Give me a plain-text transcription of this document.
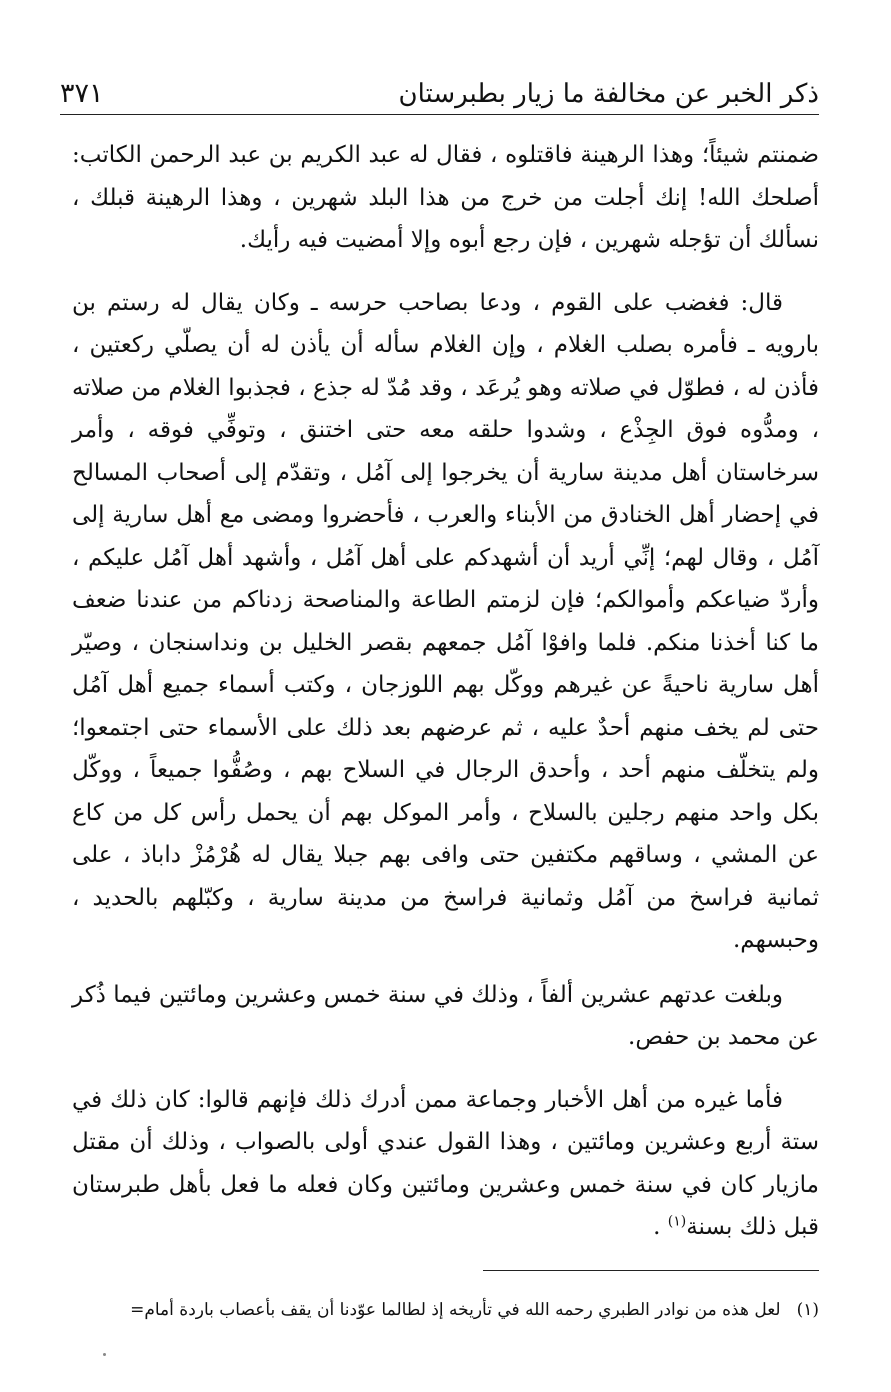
ذكر الخبر عن مخالفة ما زيار بطبرستان
٣٧١

ضمنتم شيئاً؛ وهذا الرهينة فاقتلوه ، فقال له عبد الكريم بن عبد الرحمن الكاتب: أصلحك الله! إنك أجلت من خرج من هذا البلد شهرين ، وهذا الرهينة قبلك ، نسألك أن تؤجله شهرين ، فإن رجع أبوه وإلا أمضيت فيه رأيك.

قال: فغضب على القوم ، ودعا بصاحب حرسه ـ وكان يقال له رستم بن بارويه ـ فأمره بصلب الغلام ، وإن الغلام سأله أن يأذن له أن يصلّي ركعتين ، فأذن له ، فطوّل في صلاته وهو يُرعَد ، وقد مُدّ له جذع ، فجذبوا الغلام من صلاته ، ومدُّوه فوق الجِذْع ، وشدوا حلقه معه حتى اختنق ، وتوفِّي فوقه ، وأمر سرخاستان أهل مدينة سارية أن يخرجوا إلى آمُل ، وتقدّم إلى أصحاب المسالح في إحضار أهل الخنادق من الأبناء والعرب ، فأحضروا ومضى مع أهل سارية إلى آمُل ، وقال لهم؛ إنِّي أريد أن أشهدكم على أهل آمُل ، وأشهد أهل آمُل عليكم ، وأردّ ضياعكم وأموالكم؛ فإن لزمتم الطاعة والمناصحة زدناكم من عندنا ضعف ما كنا أخذنا منكم. فلما وافوْا آمُل جمعهم بقصر الخليل بن ونداسنجان ، وصيّر أهل سارية ناحيةً عن غيرهم ووكّل بهم اللوزجان ، وكتب أسماء جميع أهل آمُل حتى لم يخف منهم أحدٌ عليه ، ثم عرضهم بعد ذلك على الأسماء حتى اجتمعوا؛ ولم يتخلّف منهم أحد ، وأحدق الرجال في السلاح بهم ، وصُفُّوا جميعاً ، ووكّل بكل واحد منهم رجلين بالسلاح ، وأمر الموكل بهم أن يحمل رأس كل من كاع عن المشي ، وساقهم مكتفين حتى وافى بهم جبلا يقال له هُرْمُزْ داباذ ، على ثمانية فراسخ من آمُل وثمانية فراسخ من مدينة سارية ، وكبّلهم بالحديد ، وحبسهم.

وبلغت عدتهم عشرين ألفاً ، وذلك في سنة خمس وعشرين ومائتين فيما ذُكر عن محمد بن حفص.

فأما غيره من أهل الأخبار وجماعة ممن أدرك ذلك فإنهم قالوا: كان ذلك في ستة أربع وعشرين ومائتين ، وهذا القول عندي أولى بالصواب ، وذلك أن مقتل مازيار كان في سنة خمس وعشرين ومائتين وكان فعله ما فعل بأهل طبرستان قبل ذلك بسنة$^{(١)}$ .

(١)لعل هذه من نوادر الطبري رحمه الله في تأريخه إذ لطالما عوّدنا أن يقف بأعصاب باردة أمام=
